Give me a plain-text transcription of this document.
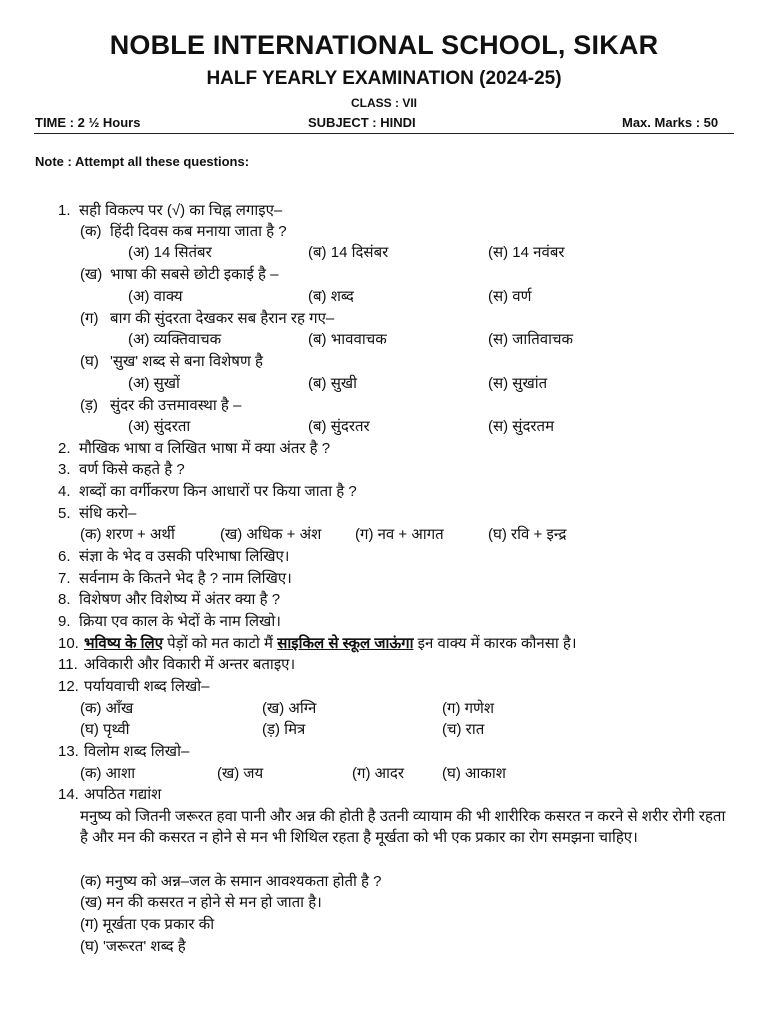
NOBLE INTERNATIONAL SCHOOL, SIKAR
HALF YEARLY EXAMINATION (2024-25)
CLASS : VII
TIME : 2 ½ Hours	SUBJECT : HINDI	Max. Marks : 50
Note : Attempt all these questions:
1. सही विकल्प पर (√) का चिह्न लगाइए–
(क) हिंदी दिवस कब मनाया जाता है ?
(अ) 14 सितंबर	(ब) 14 दिसंबर	(स) 14 नवंबर
(ख) भाषा की सबसे छोटी इकाई है –
(अ) वाक्य	(ब) शब्द	(स) वर्ण
(ग) बाग की सुंदरता देखकर सब हैरान रह गए–
(अ) व्यक्तिवाचक	(ब) भाववाचक	(स) जातिवाचक
(घ) 'सुख' शब्द से बना विशेषण है
(अ) सुखों	(ब) सुखी	(स) सुखांत
(ड़) सुंदर की उत्तमावस्था है –
(अ) सुंदरता	(ब) सुंदरतर	(स) सुंदरतम
2. मौखिक भाषा व लिखित भाषा में क्या अंतर है ?
3. वर्ण किसे कहते है ?
4. शब्दों का वर्गीकरण किन आधारों पर किया जाता है ?
5. संधि करो–
(क) शरण + अर्थी	(ख) अधिक + अंश (ग) नव + आगत	(घ) रवि + इन्द्र
6. संज्ञा के भेद व उसकी परिभाषा लिखिए।
7. सर्वनाम के कितने भेद है ? नाम लिखिए।
8. विशेषण और विशेष्य में अंतर क्या है ?
9. क्रिया एव काल के भेदों के नाम लिखो।
10. भविष्य के लिए पेड़ों को मत काटो मैं साइकिल से स्कूल जाऊंगा इन वाक्य में कारक कौनसा है।
11. अविकारी और विकारी में अन्तर बताइए।
12. पर्यायवाची शब्द लिखो–
(क) आँख	(ख) अग्नि	(ग) गणेश
(घ) पृथ्वी	(ड़) मित्र	(च) रात
13. विलोम शब्द लिखो–
(क) आशा	(ख) जय	(ग) आदर	(घ) आकाश
14. अपठित गद्यांश
मनुष्य को जितनी जरूरत हवा पानी और अन्न की होती है उतनी व्यायाम की भी शारीरिक कसरत न करने से शरीर रोगी रहता है और मन की कसरत न होने से मन भी शिथिल रहता है मूर्खता को भी एक प्रकार का रोग समझना चाहिए।
(क) मनुष्य को अन्न–जल के समान आवश्यकता होती है ?
(ख) मन की कसरत न होने से मन हो जाता है।
(ग) मूर्खता एक प्रकार की
(घ) 'जरूरत' शब्द है
